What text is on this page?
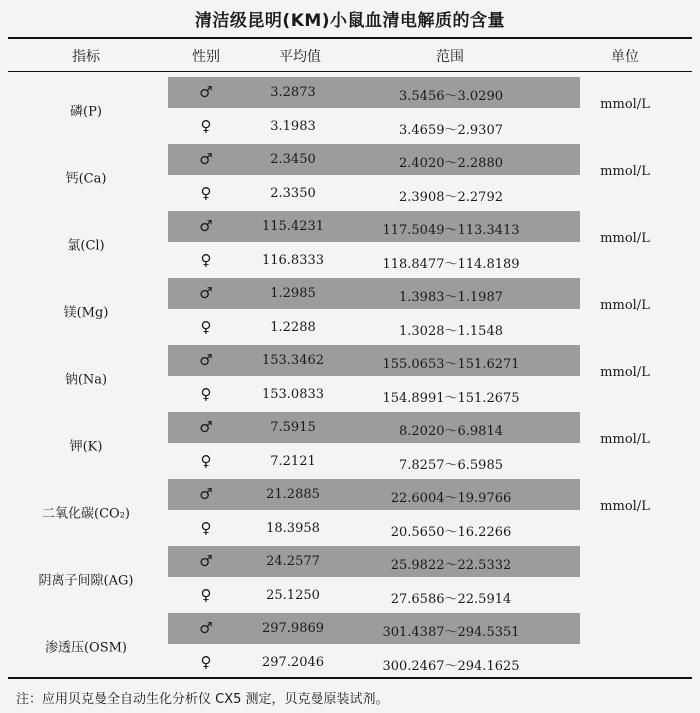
清洁级昆明(KM)小鼠血清电解质的含量
指标	性别	平均值	范围	单位
磷(P)	mmol/L
♂	3.2873	3.5456～3.0290
♀	3.1983	3.4659～2.9307
钙(Ca)	mmol/L
♂	2.3450	2.4020～2.2880
♀	2.3350	2.3908～2.2792
氯(Cl)	mmol/L
♂	115.4231	117.5049～113.3413
♀	116.8333	118.8477～114.8189
镁(Mg)	mmol/L
♂	1.2985	1.3983～1.1987
♀	1.2288	1.3028～1.1548
钠(Na)	mmol/L
♂	153.3462	155.0653～151.6271
♀	153.0833	154.8991～151.2675
钾(K)	mmol/L
♂	7.5915	8.2020～6.9814
♀	7.2121	7.8257～6.5985
二氧化碳(CO₂)	mmol/L
♂	21.2885	22.6004～19.9766
♀	18.3958	20.5650～16.2266
阴离子间隙(AG)
♂	24.2577	25.9822～22.5332
♀	25.1250	27.6586～22.5914
渗透压(OSM)
♂	297.9869	301.4387～294.5351
♀	297.2046	300.2467～294.1625
注：应用贝克曼全自动生化分析仪 CX5 测定，贝克曼原装试剂。
